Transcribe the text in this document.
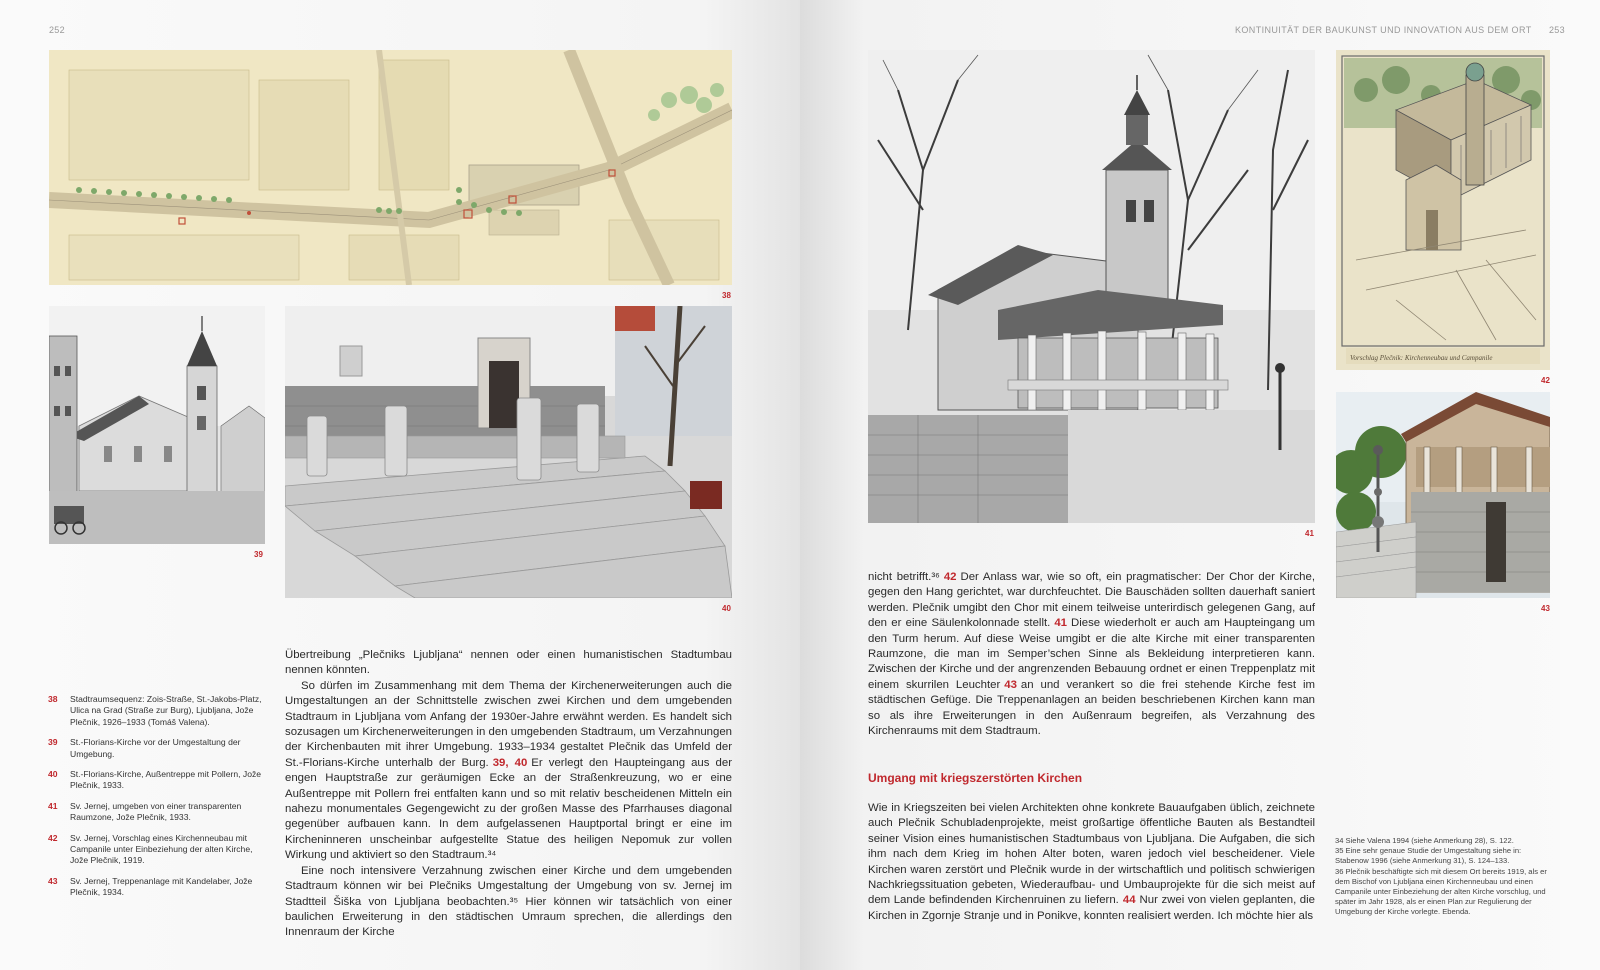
252
38
39
40
38	Stadtraumsequenz: Zois-Straße, St.-Jakobs-Platz, Ulica na Grad (Straße zur Burg), Ljubljana, Jože Plečnik, 1926–1933 (Tomáš Valena).
39	St.-Florians-Kirche vor der Umgestaltung der Umgebung.
40	St.-Florians-Kirche, Außentreppe mit Pollern, Jože Plečnik, 1933.
41	Sv. Jernej, umgeben von einer transparenten Raumzone, Jože Plečnik, 1933.
42	Sv. Jernej, Vorschlag eines Kirchenneubau mit Campanile unter Einbeziehung der alten Kirche, Jože Plečnik, 1919.
43	Sv. Jernej, Treppenanlage mit Kandelaber, Jože Plečnik, 1934.

Übertreibung „Plečniks Ljubljana“ nennen oder einen humanistischen Stadtumbau nennen könnten.

So dürfen im Zusammenhang mit dem Thema der Kirchenerweiterungen auch die Umgestaltungen an der Schnittstelle zwischen zwei Kirchen und dem umgebenden Stadtraum in Ljubljana vom Anfang der 1930er-Jahre erwähnt werden. Es handelt sich sozusagen um Kirchenerweiterungen in den umgebenden Stadtraum, um Verzahnungen der Kirchenbauten mit ihrer Umgebung. 1933–1934 gestaltet Plečnik das Umfeld der St.-Florians-Kirche unterhalb der Burg. 39, 40 Er verlegt den Haupteingang aus der engen Hauptstraße zur geräumigen Ecke an der Straßenkreuzung, wo er eine Außentreppe mit Pollern frei entfalten kann und so mit relativ bescheidenen Mitteln ein nahezu monumentales Gegengewicht zu der großen Masse des Pfarrhauses diagonal gegenüber aufbauen kann. In dem aufgelassenen Hauptportal bringt er eine im Kircheninneren unscheinbar aufgestellte Statue des heiligen Nepomuk zur vollen Wirkung und aktiviert so den Stadtraum.³⁴

Eine noch intensivere Verzahnung zwischen einer Kirche und dem umgebenden Stadtraum können wir bei Plečniks Umgestaltung der Umgebung von sv. Jernej im Stadtteil Šiška von Ljubljana beobachten.³⁵ Hier können wir tatsächlich von einer baulichen Erweiterung in den städtischen Umraum sprechen, die allerdings den Innenraum der Kirche

KONTINUITÄT DER BAUKUNST UND INNOVATION AUS DEM ORT 253
41
Vorschlag Plečnik: Kirchenneubau und Campanile
42
43

nicht betrifft.³⁶ 42 Der Anlass war, wie so oft, ein pragmatischer: Der Chor der Kirche, gegen den Hang gerichtet, war durchfeuchtet. Die Bauschäden sollten dauerhaft saniert werden. Plečnik umgibt den Chor mit einem teilweise unterirdisch gelegenen Gang, auf den er eine Säulenkolonnade stellt. 41 Diese wiederholt er auch am Haupteingang um den Turm herum. Auf diese Weise umgibt er die alte Kirche mit einer transparenten Raumzone, die man im Semper’schen Sinne als Bekleidung interpretieren kann. Zwischen der Kirche und der angrenzenden Bebauung ordnet er einen Treppenplatz mit einem skurrilen Leuchter 43 an und verankert so die frei stehende Kirche fest im städtischen Gefüge. Die Treppenanlagen an beiden beschriebenen Kirchen kann man so als ihre Erweiterungen in den Außenraum begreifen, als Verzahnung des Kirchenraums mit dem Stadtraum.

Umgang mit kriegszerstörten Kirchen

Wie in Kriegszeiten bei vielen Architekten ohne konkrete Bauaufgaben üblich, zeichnete auch Plečnik Schubladenprojekte, meist großartige öffentliche Bauten als Bestandteil seiner Vision eines humanistischen Stadtumbaus von Ljubljana. Die Aufgaben, die sich ihm nach dem Krieg im hohen Alter boten, waren jedoch viel bescheidener. Viele Kirchen waren zerstört und Plečnik wurde in der wirtschaftlich und politisch schwierigen Nachkriegssituation gebeten, Wiederaufbau- und Umbauprojekte für die sich meist auf dem Lande befindenden Kirchenruinen zu liefern. 44 Nur zwei von vielen geplanten, die Kirchen in Zgornje Stranje und in Ponikve, konnten realisiert werden. Ich möchte hier als

34 Siehe Valena 1994 (siehe Anmerkung 28), S. 122.

35 Eine sehr genaue Studie der Umgestaltung siehe in: Stabenow 1996 (siehe Anmerkung 31), S. 124–133.

36 Plečnik beschäftigte sich mit diesem Ort bereits 1919, als er dem Bischof von Ljubljana einen Kirchenneubau und einen Campanile unter Einbeziehung der alten Kirche vorschlug, und später im Jahr 1928, als er einen Plan zur Regulierung der Umgebung der Kirche vorlegte. Ebenda.
